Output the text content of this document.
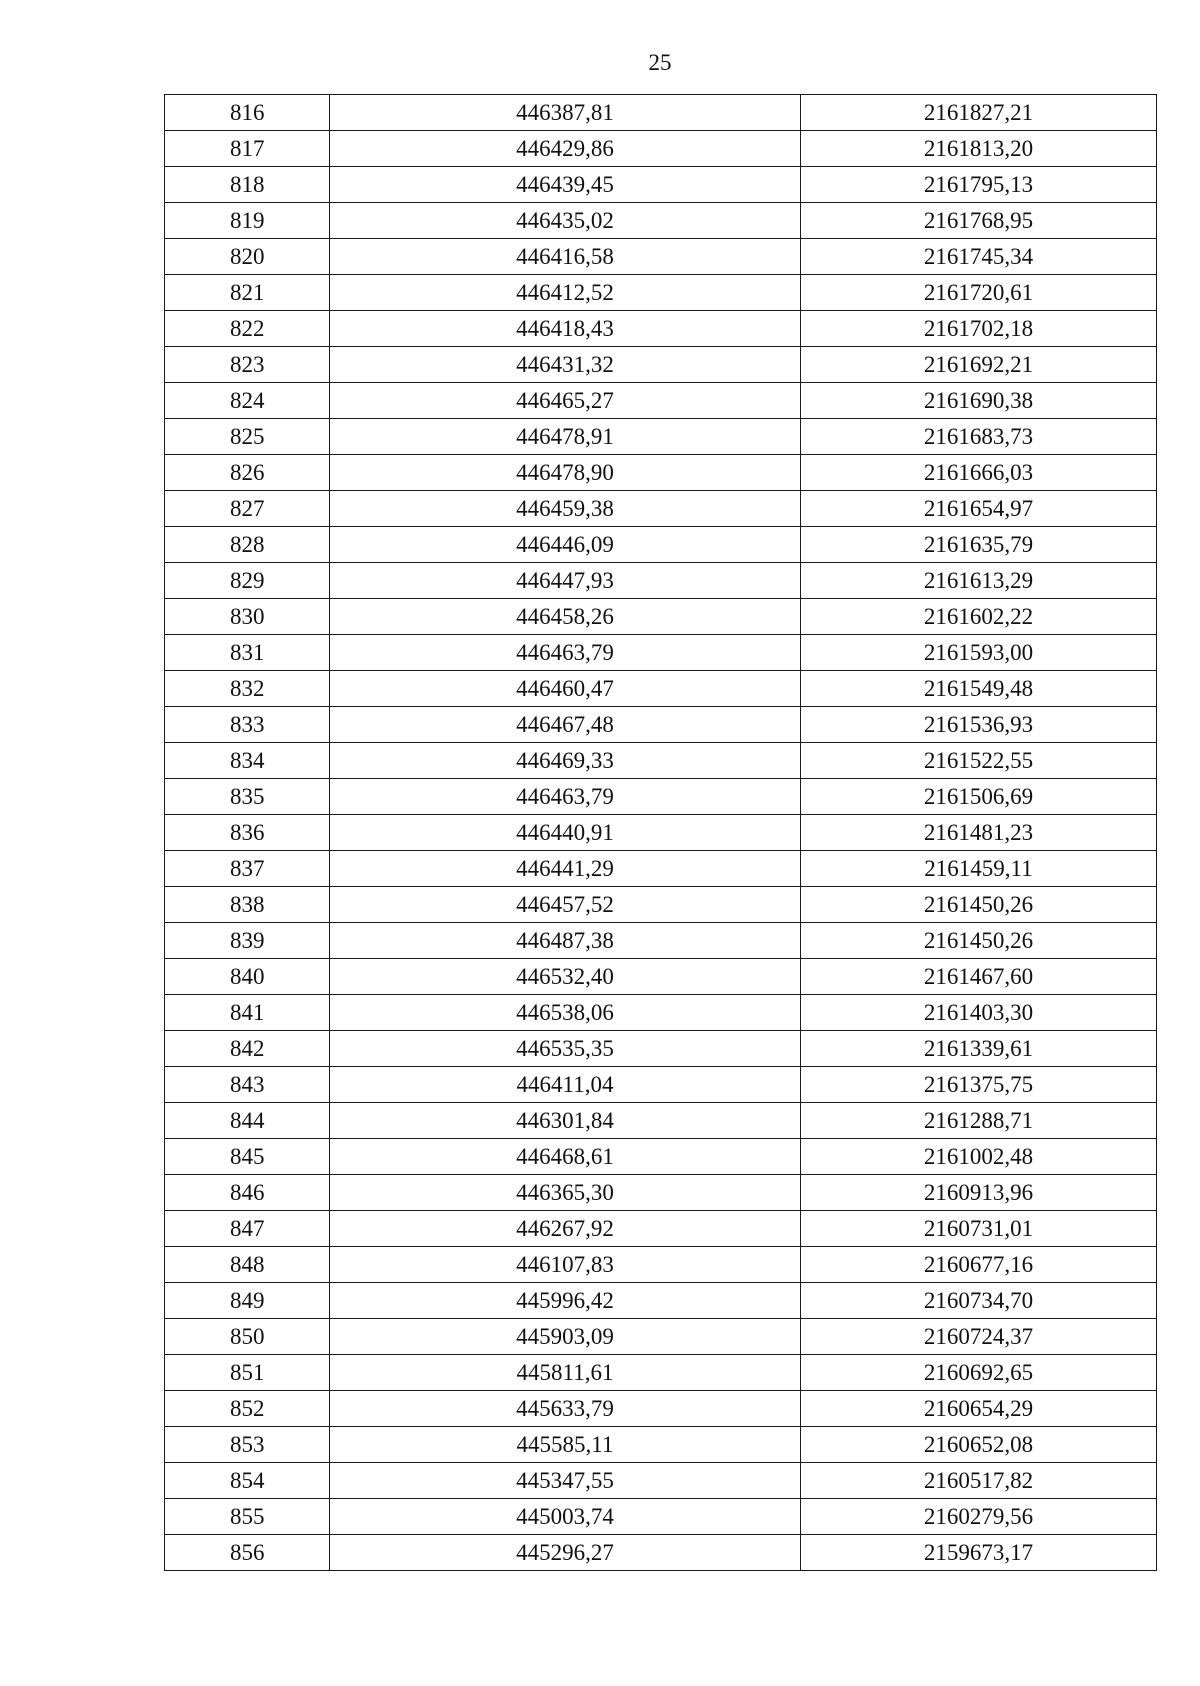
25
816	446387,81	2161827,21
817	446429,86	2161813,20
818	446439,45	2161795,13
819	446435,02	2161768,95
820	446416,58	2161745,34
821	446412,52	2161720,61
822	446418,43	2161702,18
823	446431,32	2161692,21
824	446465,27	2161690,38
825	446478,91	2161683,73
826	446478,90	2161666,03
827	446459,38	2161654,97
828	446446,09	2161635,79
829	446447,93	2161613,29
830	446458,26	2161602,22
831	446463,79	2161593,00
832	446460,47	2161549,48
833	446467,48	2161536,93
834	446469,33	2161522,55
835	446463,79	2161506,69
836	446440,91	2161481,23
837	446441,29	2161459,11
838	446457,52	2161450,26
839	446487,38	2161450,26
840	446532,40	2161467,60
841	446538,06	2161403,30
842	446535,35	2161339,61
843	446411,04	2161375,75
844	446301,84	2161288,71
845	446468,61	2161002,48
846	446365,30	2160913,96
847	446267,92	2160731,01
848	446107,83	2160677,16
849	445996,42	2160734,70
850	445903,09	2160724,37
851	445811,61	2160692,65
852	445633,79	2160654,29
853	445585,11	2160652,08
854	445347,55	2160517,82
855	445003,74	2160279,56
856	445296,27	2159673,17
